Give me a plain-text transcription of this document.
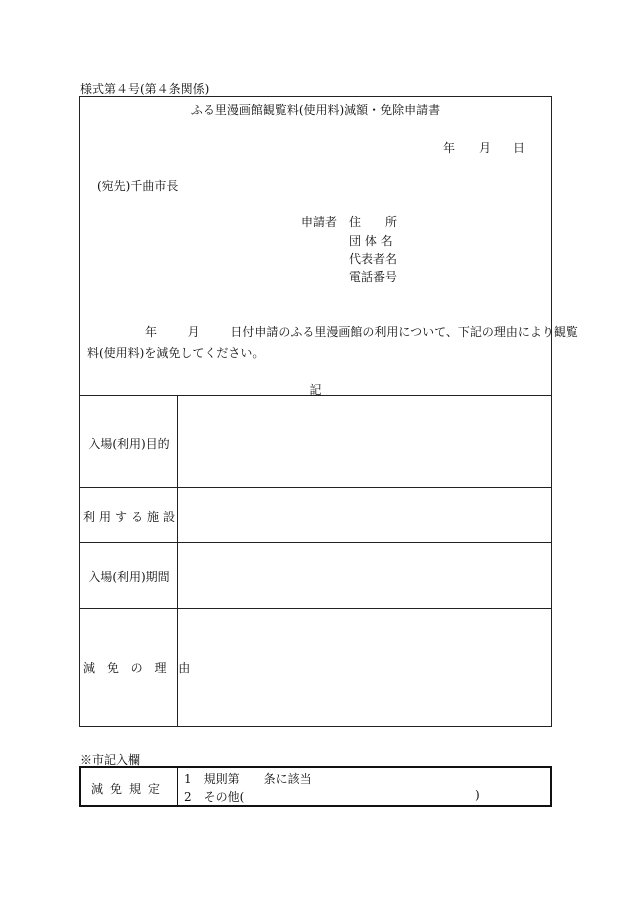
様式第４号(第４条関係)
ふる里漫画館観覧料(使用料)減額・免除申請書
年 月 日
(宛先)千曲市長
申請者 住　　所
団 体 名
代表者名
電話番号
年	月	日付申請のふる里漫画館の利用について、下記の理由により観覧
料(使用料)を減免してください。
記
入場(利用)目的
利用する施設
入場(利用)期間
減 免 の 理 由
※市記入欄
減免規定
1　規則第　　条に該当
2　その他(	)
